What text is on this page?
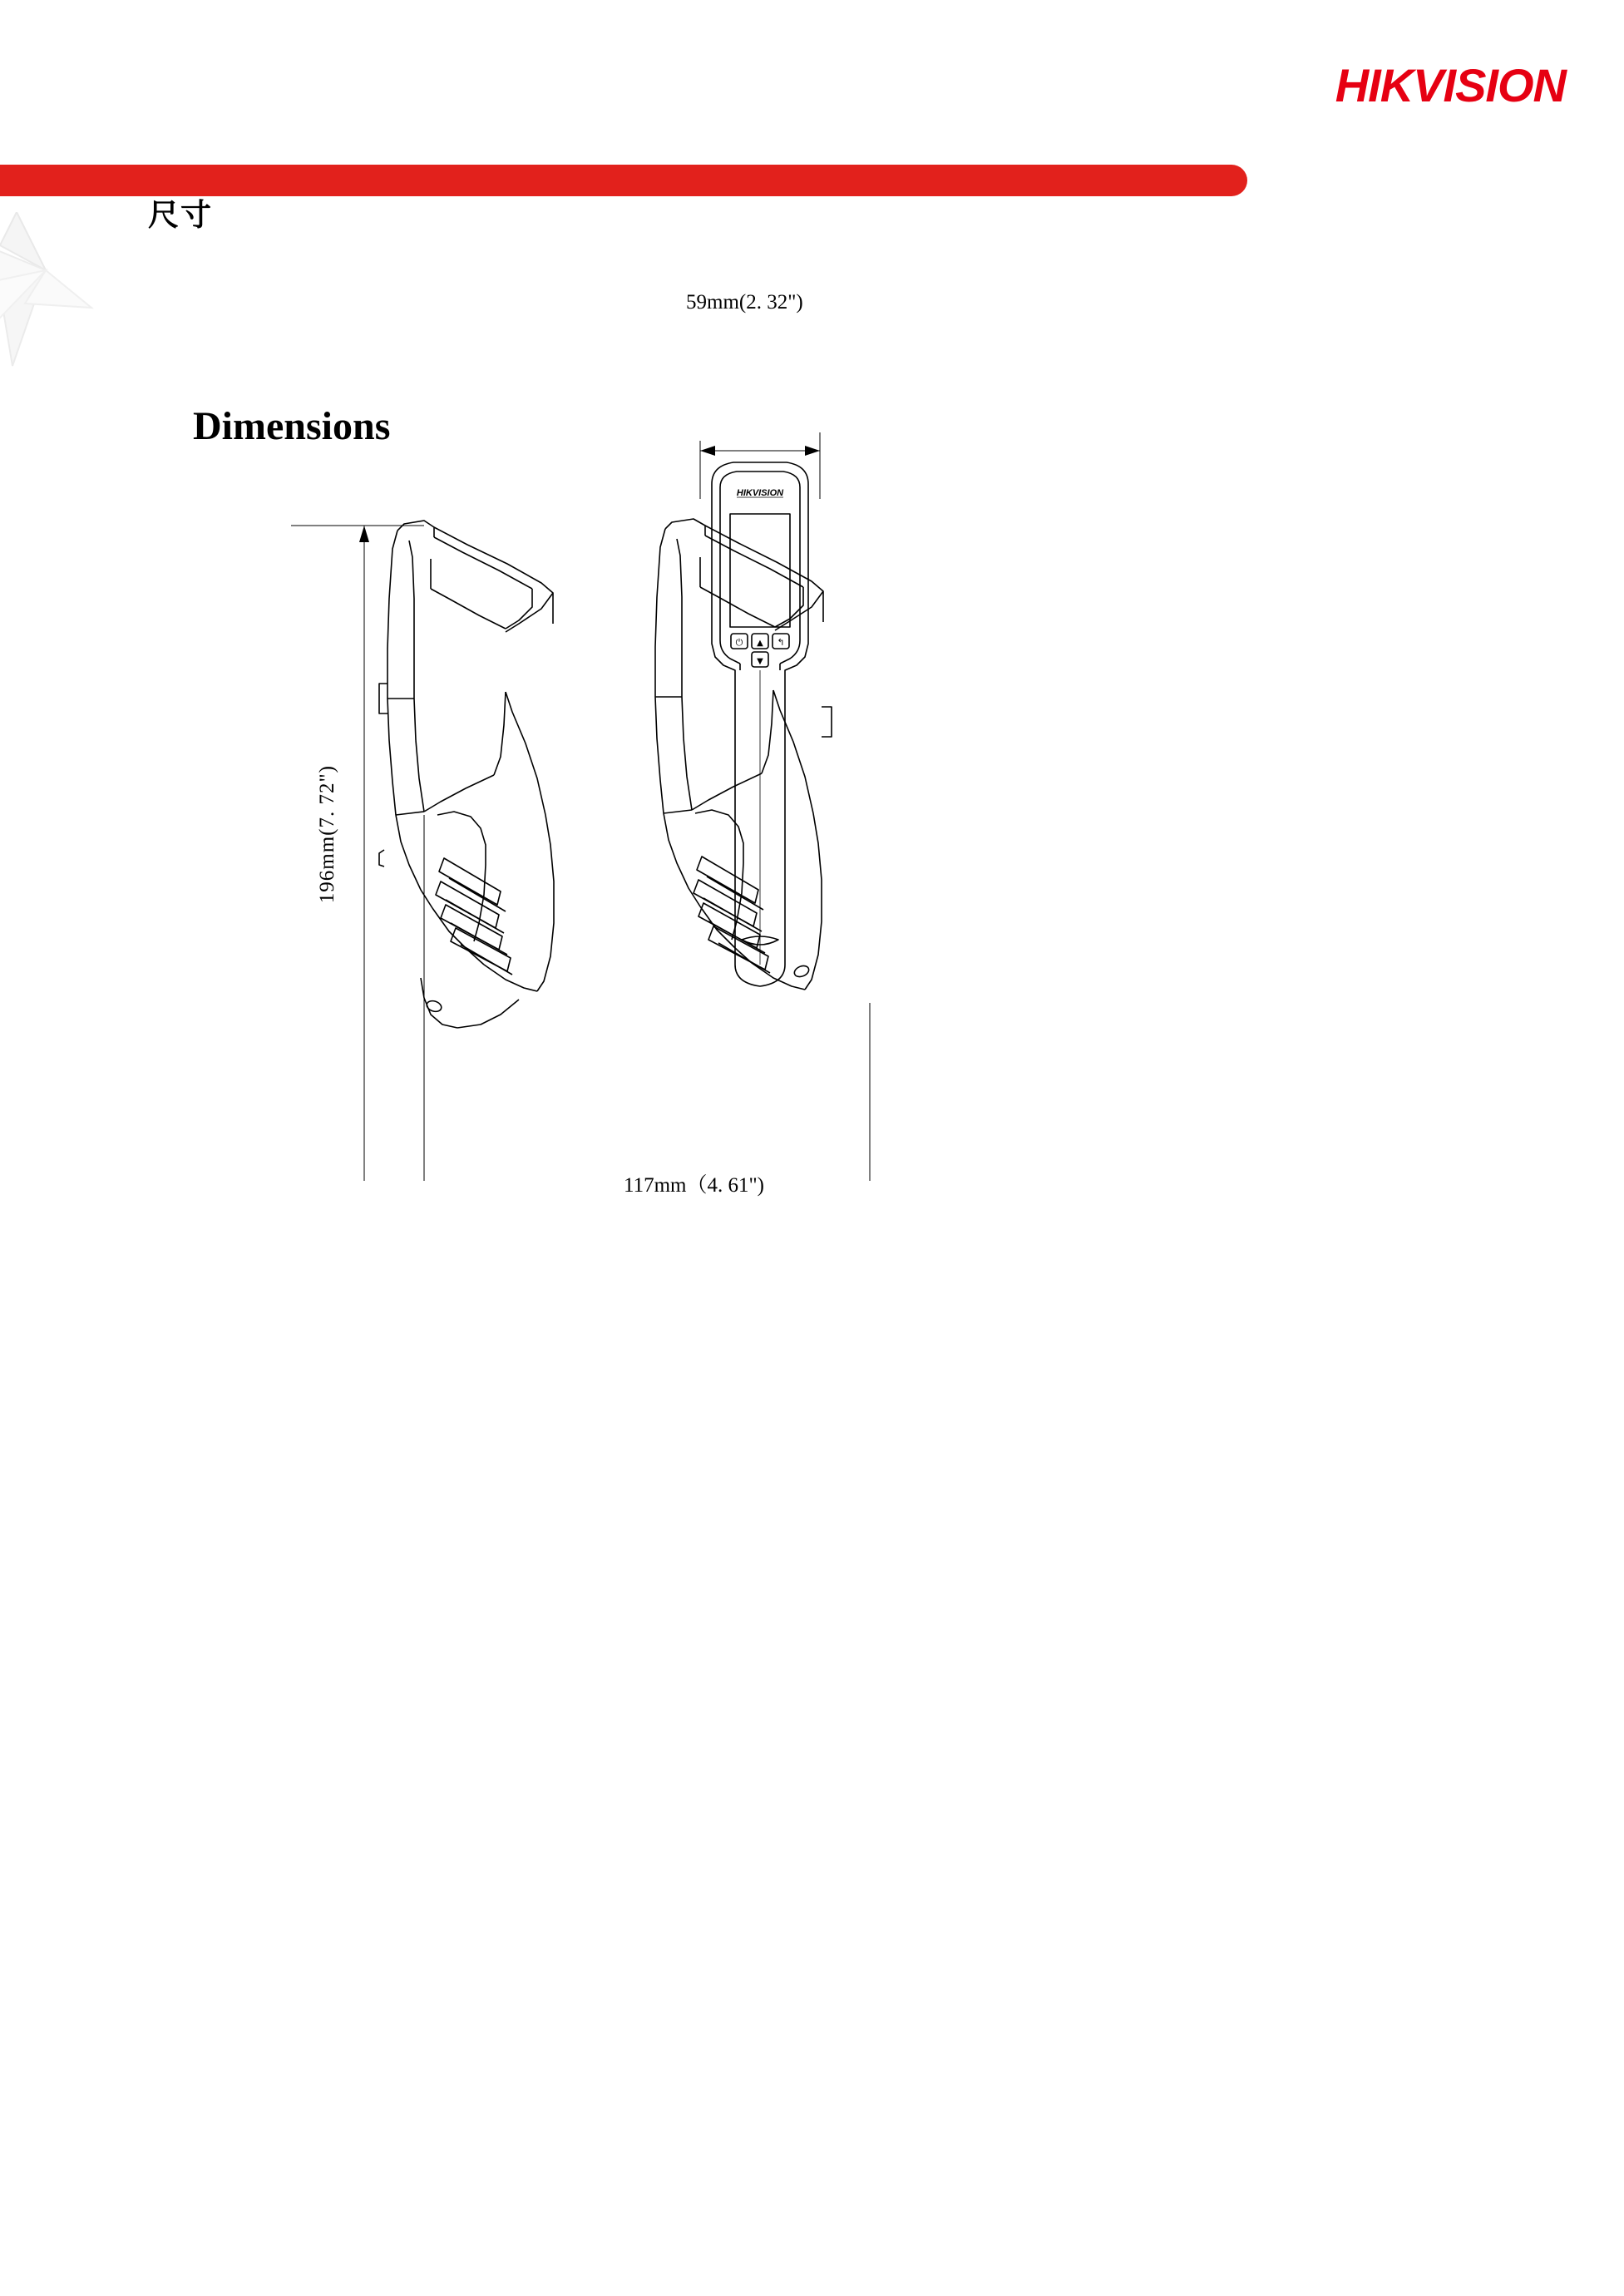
HIKVISION
尺寸
Dimensions
196mm(7. 72")
117mm（4. 61")
HIKVISION
⏻ ▲ ↰
▼
59mm(2. 32")
